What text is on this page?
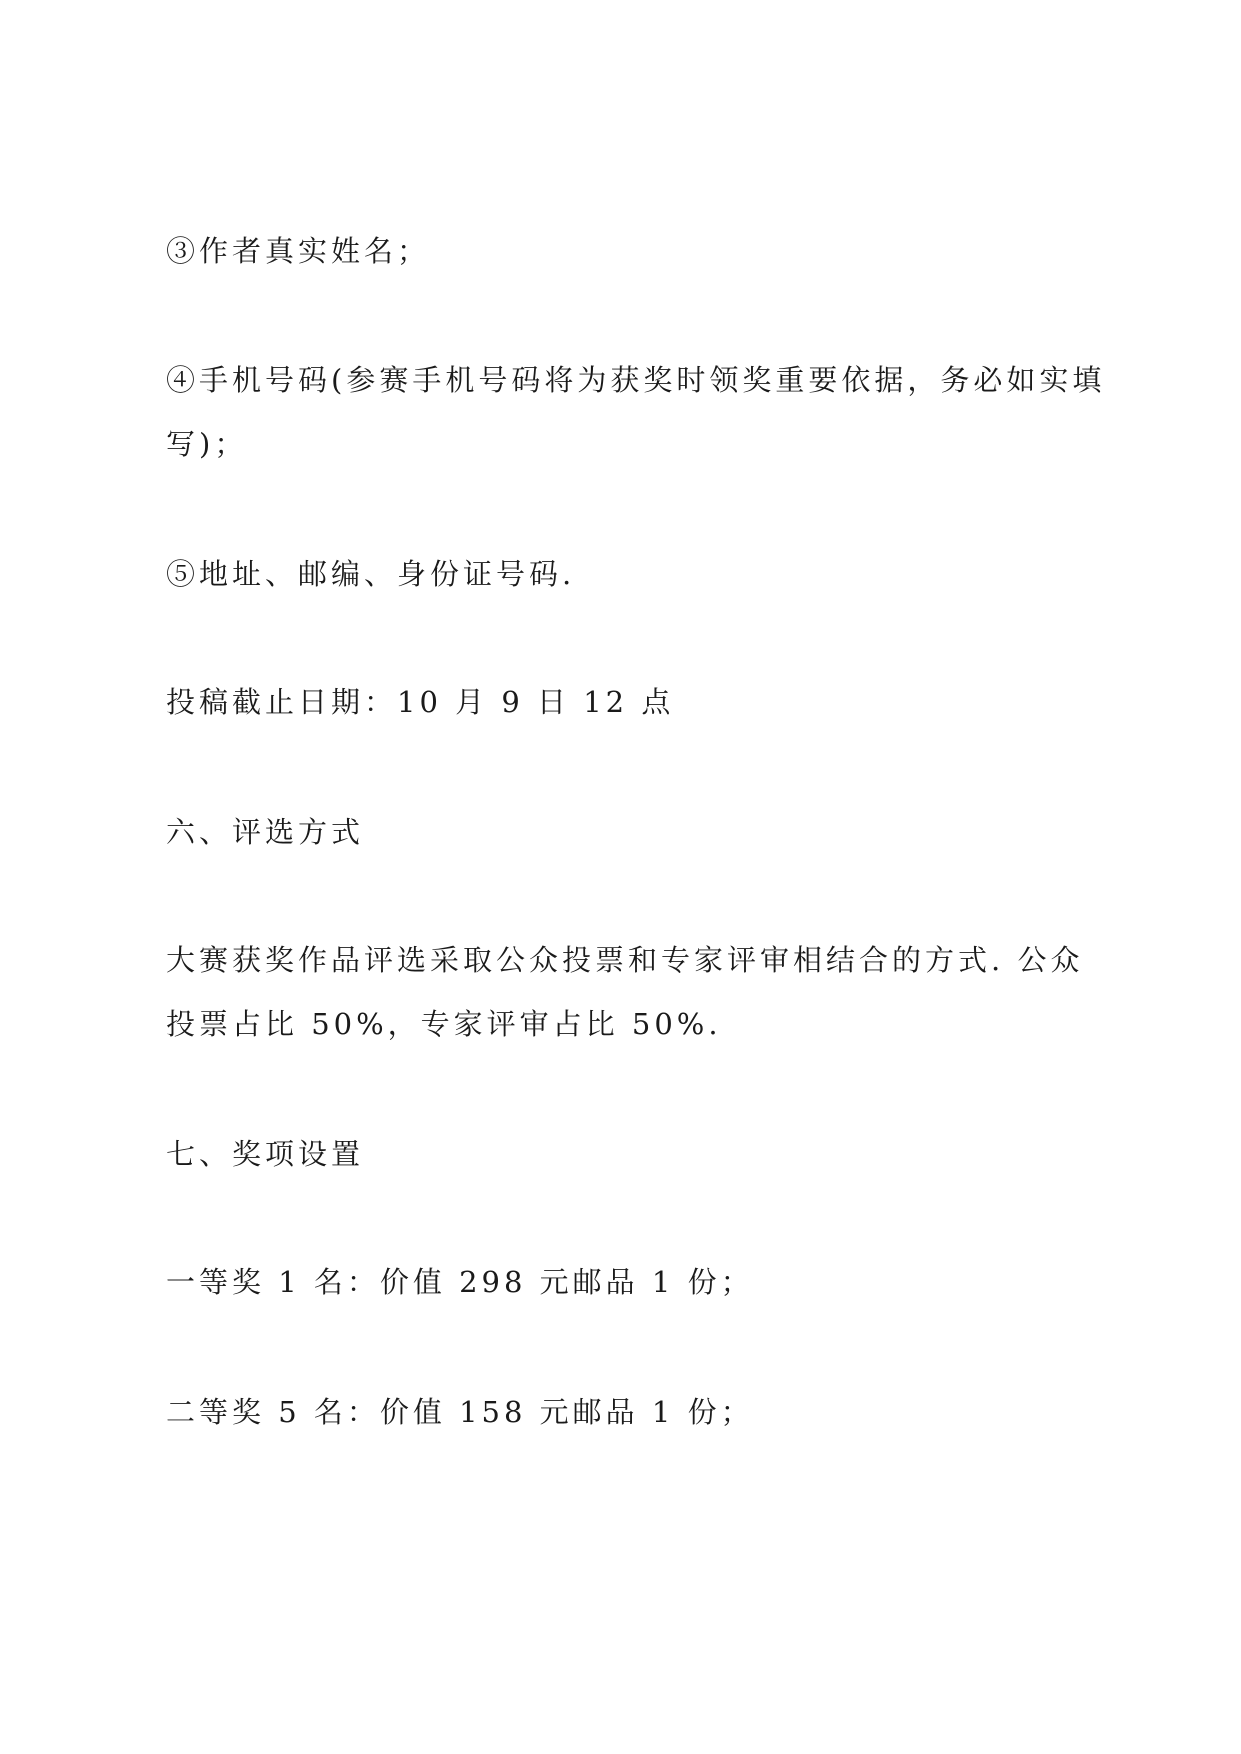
③作者真实姓名；

④手机号码(参赛手机号码将为获奖时领奖重要依据，务必如实填写)；

⑤地址、邮编、身份证号码.

投稿截止日期：10 月 9 日 12 点

六、评选方式

大赛获奖作品评选采取公众投票和专家评审相结合的方式. 公众投票占比 50%，专家评审占比 50%.

七、奖项设置

一等奖 1 名：价值 298 元邮品 1 份；

二等奖 5 名：价值 158 元邮品 1 份；
